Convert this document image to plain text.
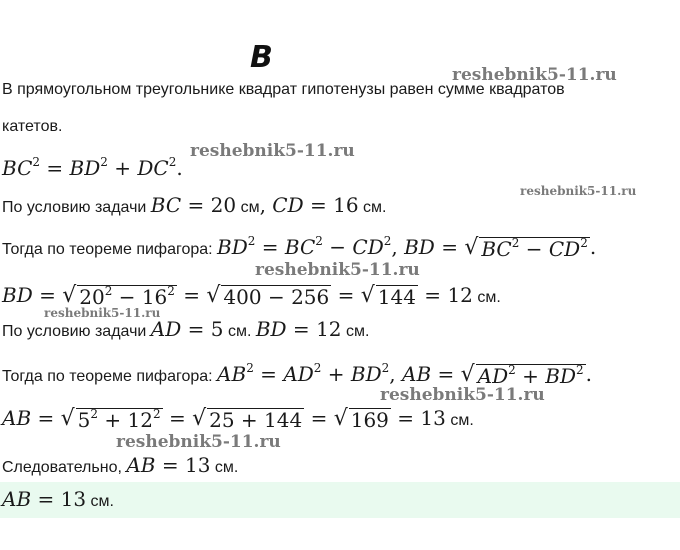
B	reshebnik5-11.ru
reshebnik5-11.ru
reshebnik5-11.ru
reshebnik5-11.ru
reshebnik5-11.ru
reshebnik5-11.ru
reshebnik5-11.ru
В прямоугольном треугольнике квадрат гипотенузы равен сумме квадратов
катетов.
$BC^2 = BD^2 + DC^2$.
По условию задачи BC = 20 см, CD = 16 см.
Тогда по теореме пифагора: $BD^2 = BC^2 - CD^2$, BD = √ $BC^2 - CD^2$ .
BD = √ $20^2 - 16^2$ = √ 400 − 256 = √ 144 = 12 см.
По условию задачи AD = 5 см. BD = 12 см.
Тогда по теореме пифагора: $AB^2 = AD^2 + BD^2$, AB = √ $AD^2 + BD^2$ .
AB = √ $5^2 + 12^2$ = √ 25 + 144 = √ 169 = 13 см.
Следовательно, AB = 13 см.
AB = 13 см.
